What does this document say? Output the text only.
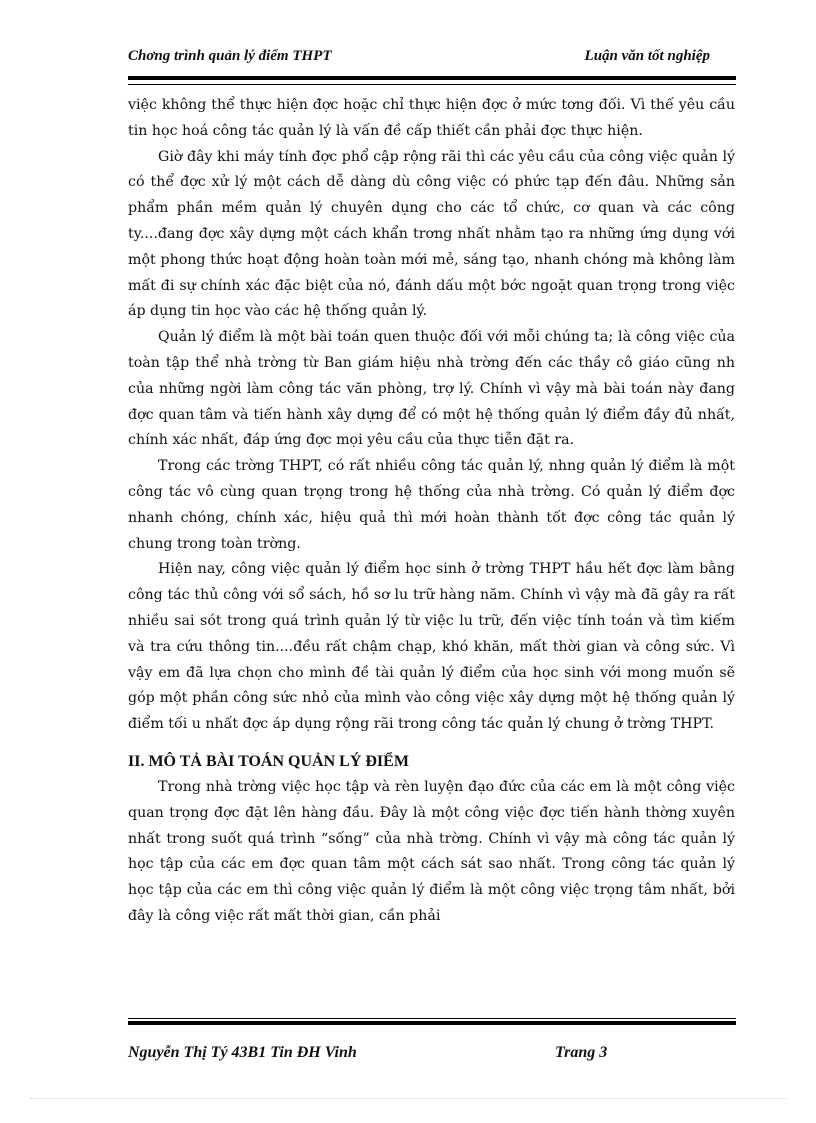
Chơng trình quản lý điểm THPT	Luận văn tốt nghiệp

việc không thể thực hiện đợc hoặc chỉ thực hiện đợc ở mức tơng đối. Vì thế yêu cầu tin học hoá công tác quản lý là vấn đề cấp thiết cần phải đợc thực hiện.

Giờ đây khi máy tính đợc phổ cập rộng rãi thì các yêu cầu của công việc quản lý có thể đợc xử lý một cách dễ dàng dù công việc có phức tạp đến đâu. Những sản phẩm phần mềm quản lý chuyên dụng cho các tổ chức, cơ quan và các công ty....đang đợc xây dựng một cách khẩn trơng nhất nhằm tạo ra những ứng dụng với một phong thức hoạt động hoàn toàn mới mẻ, sáng tạo, nhanh chóng mà không làm mất đi sự chính xác đặc biệt của nó, đánh dấu một bớc ngoặt quan trọng trong việc áp dụng tin học vào các hệ thống quản lý.

Quản lý điểm là một bài toán quen thuộc đối với mỗi chúng ta; là công việc của toàn tập thể nhà trờng từ Ban giám hiệu nhà trờng đến các thầy cô giáo cũng nh của những ngời làm công tác văn phòng, trợ lý. Chính vì vậy mà bài toán này đang đợc quan tâm và tiến hành xây dựng để có một hệ thống quản lý điểm đầy đủ nhất, chính xác nhất, đáp ứng đợc mọi yêu cầu của thực tiễn đặt ra.

Trong các trờng THPT, có rất nhiều công tác quản lý, nhng quản lý điểm là một công tác vô cùng quan trọng trong hệ thống của nhà trờng. Có quản lý điểm đợc nhanh chóng, chính xác, hiệu quả thì mới hoàn thành tốt đợc công tác quản lý chung trong toàn trờng.

Hiện nay, công việc quản lý điểm học sinh ở trờng THPT hầu hết đợc làm bằng công tác thủ công với sổ sách, hồ sơ lu trữ hàng năm. Chính vì vậy mà đã gây ra rất nhiều sai sót trong quá trình quản lý từ việc lu trữ, đến việc tính toán và tìm kiếm và tra cứu thông tin....đều rất chậm chạp, khó khăn, mất thời gian và công sức. Vì vậy em đã lựa chọn cho mình đề tài quản lý điểm của học sinh với mong muốn sẽ góp một phần công sức nhỏ của mình vào công việc xây dựng một hệ thống quản lý điểm tối u nhất đợc áp dụng rộng rãi trong công tác quản lý chung ở trờng THPT.

II. MÔ TẢ BÀI TOÁN QUẢN LÝ ĐIỂM

Trong nhà trờng việc học tập và rèn luyện đạo đức của các em là một công việc quan trọng đợc đặt lên hàng đầu. Đây là một công việc đợc tiến hành thờng xuyên nhất trong suốt quá trình “sống” của nhà trờng. Chính vì vậy mà công tác quản lý học tập của các em đợc quan tâm một cách sát sao nhất. Trong công tác quản lý học tập của các em thì công việc quản lý điểm là một công việc trọng tâm nhất, bởi đây là công việc rất mất thời gian, cần phải

Nguyễn Thị Tý 43B1 Tin ĐH Vinh	Trang 3
